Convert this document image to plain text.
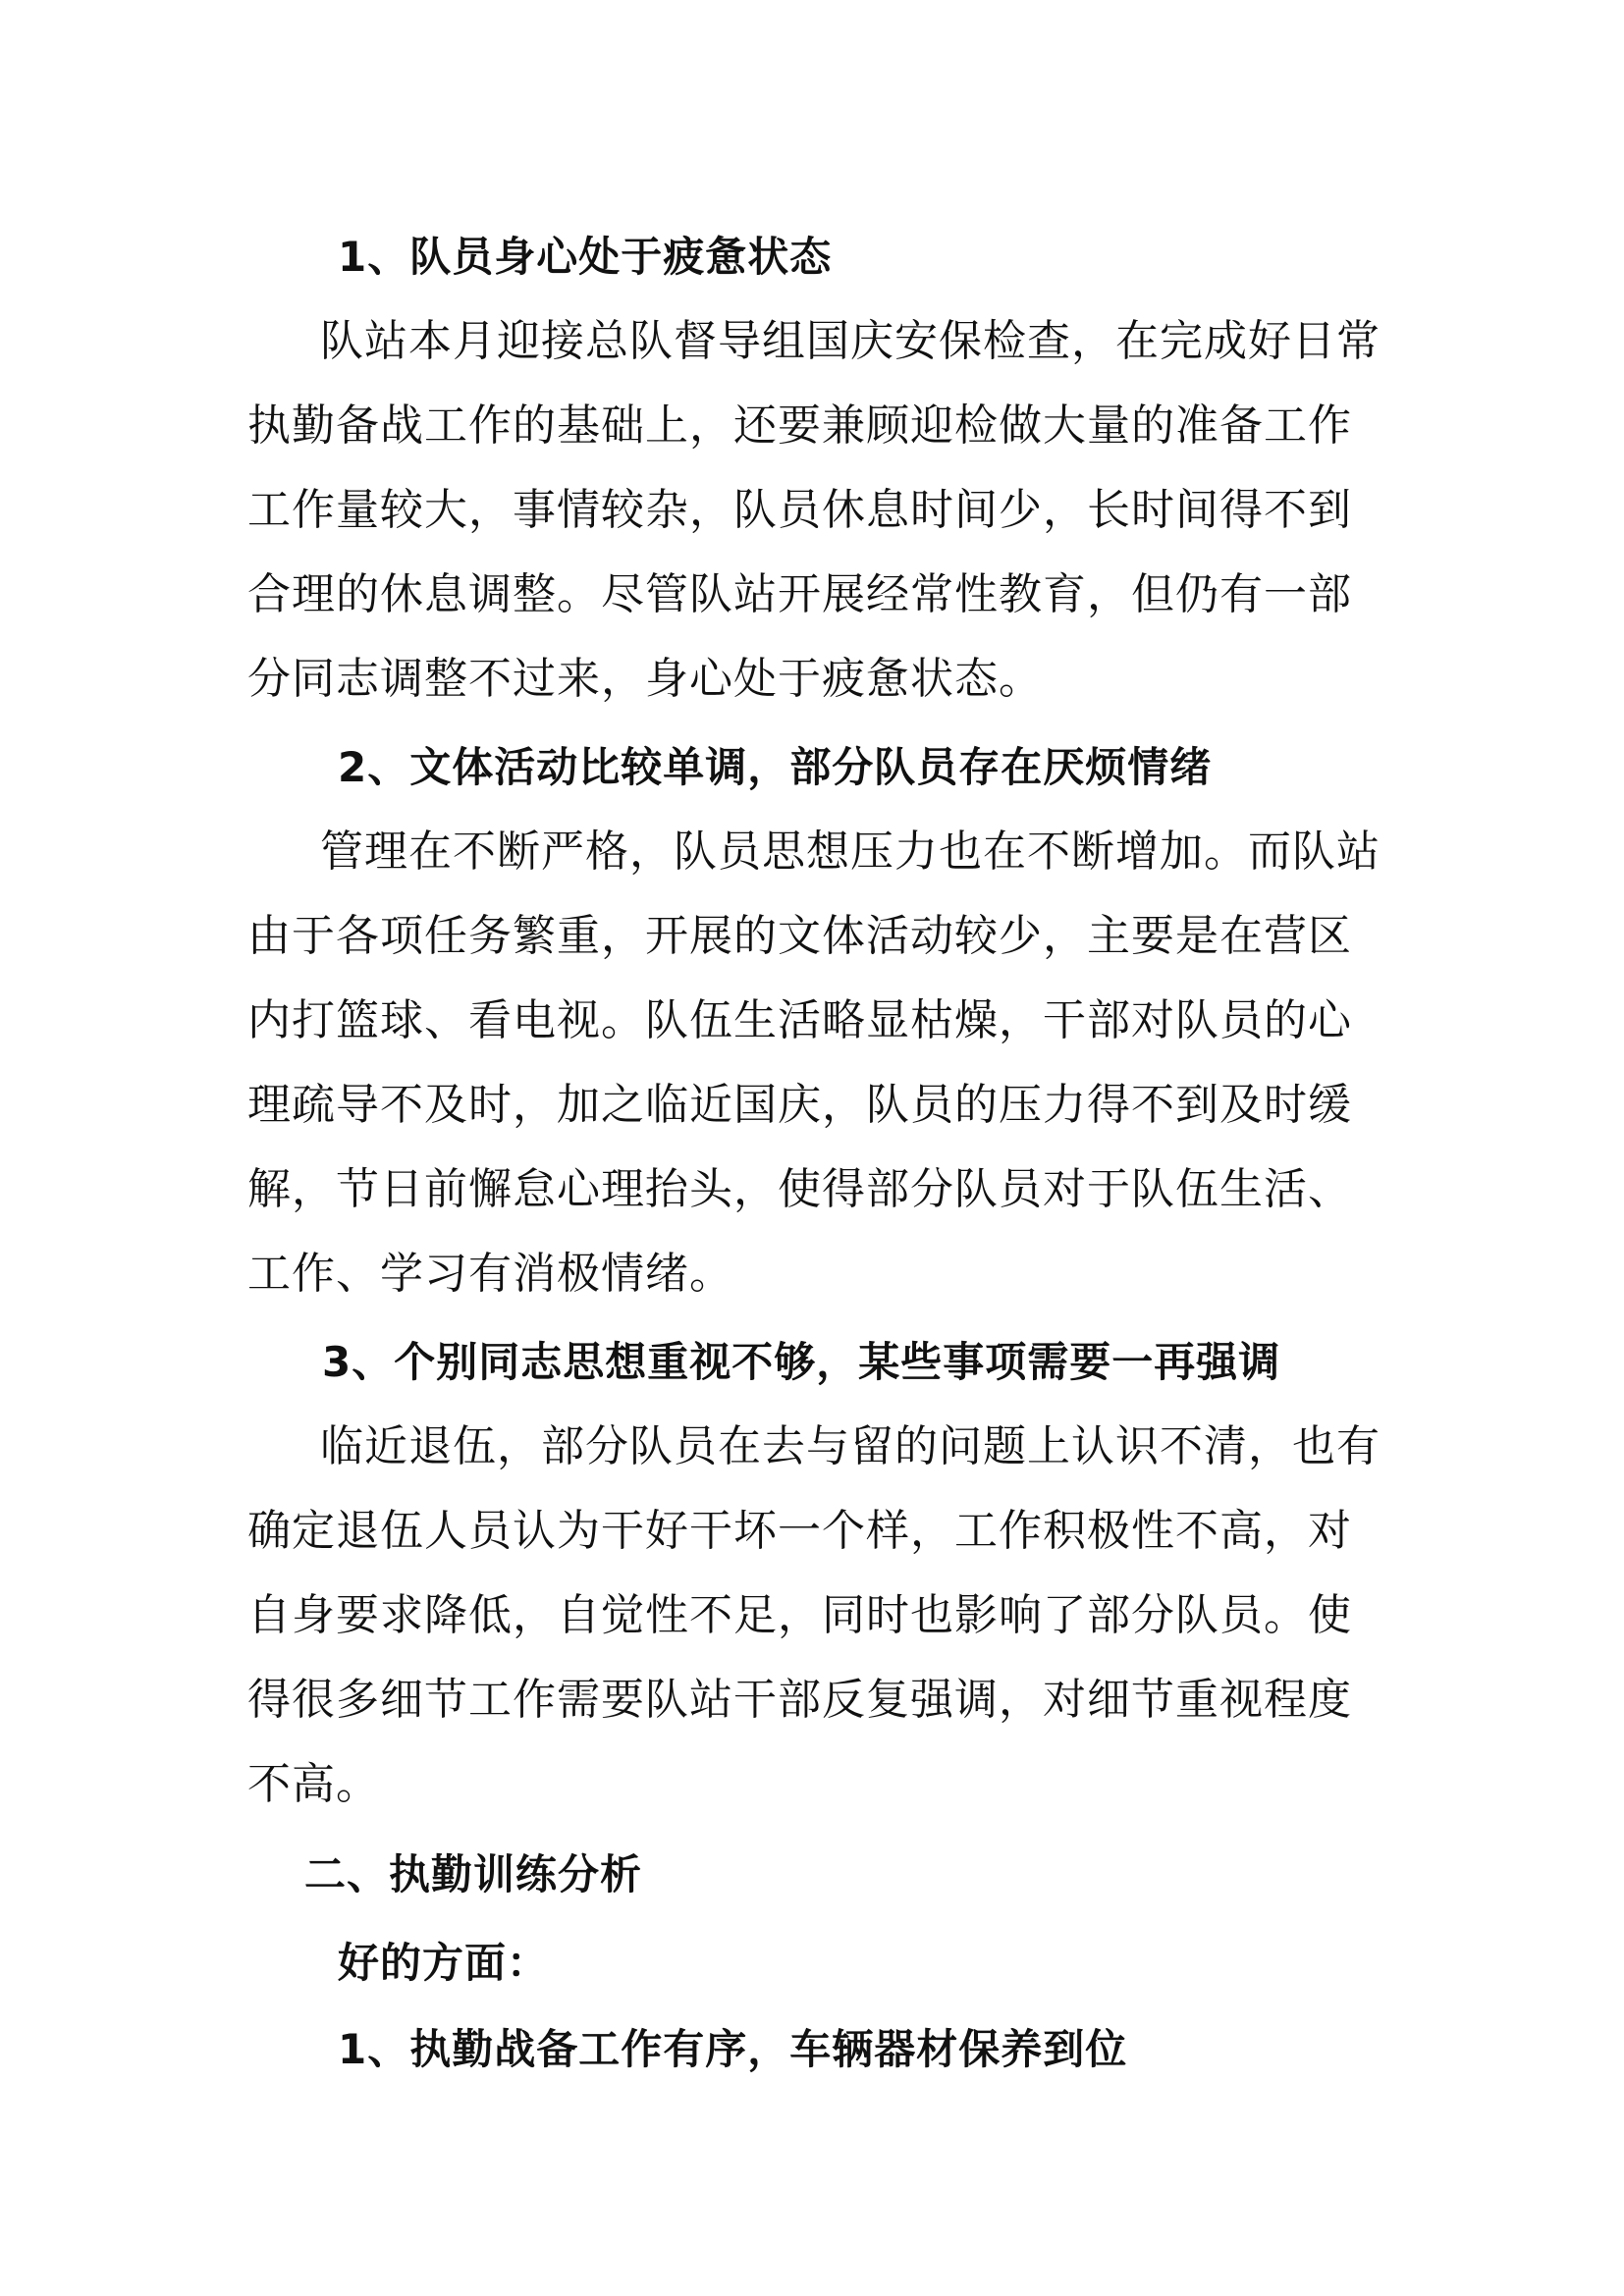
1、队员身心处于疲惫状态
队站本月迎接总队督导组国庆安保检查，在完成好日常
执勤备战工作的基础上，还要兼顾迎检做大量的准备工作
工作量较大，事情较杂，队员休息时间少，长时间得不到
合理的休息调整。尽管队站开展经常性教育，但仍有一部
分同志调整不过来，身心处于疲惫状态。
2、文体活动比较单调，部分队员存在厌烦情绪
管理在不断严格，队员思想压力也在不断增加。而队站
由于各项任务繁重，开展的文体活动较少，主要是在营区
内打篮球、看电视。队伍生活略显枯燥，干部对队员的心
理疏导不及时，加之临近国庆，队员的压力得不到及时缓
解，节日前懈怠心理抬头，使得部分队员对于队伍生活、
工作、学习有消极情绪。
3、个别同志思想重视不够，某些事项需要一再强调
临近退伍，部分队员在去与留的问题上认识不清，也有
确定退伍人员认为干好干坏一个样，工作积极性不高，对
自身要求降低，自觉性不足，同时也影响了部分队员。使
得很多细节工作需要队站干部反复强调，对细节重视程度
不高。
二、执勤训练分析
好的方面：
1、执勤战备工作有序，车辆器材保养到位
